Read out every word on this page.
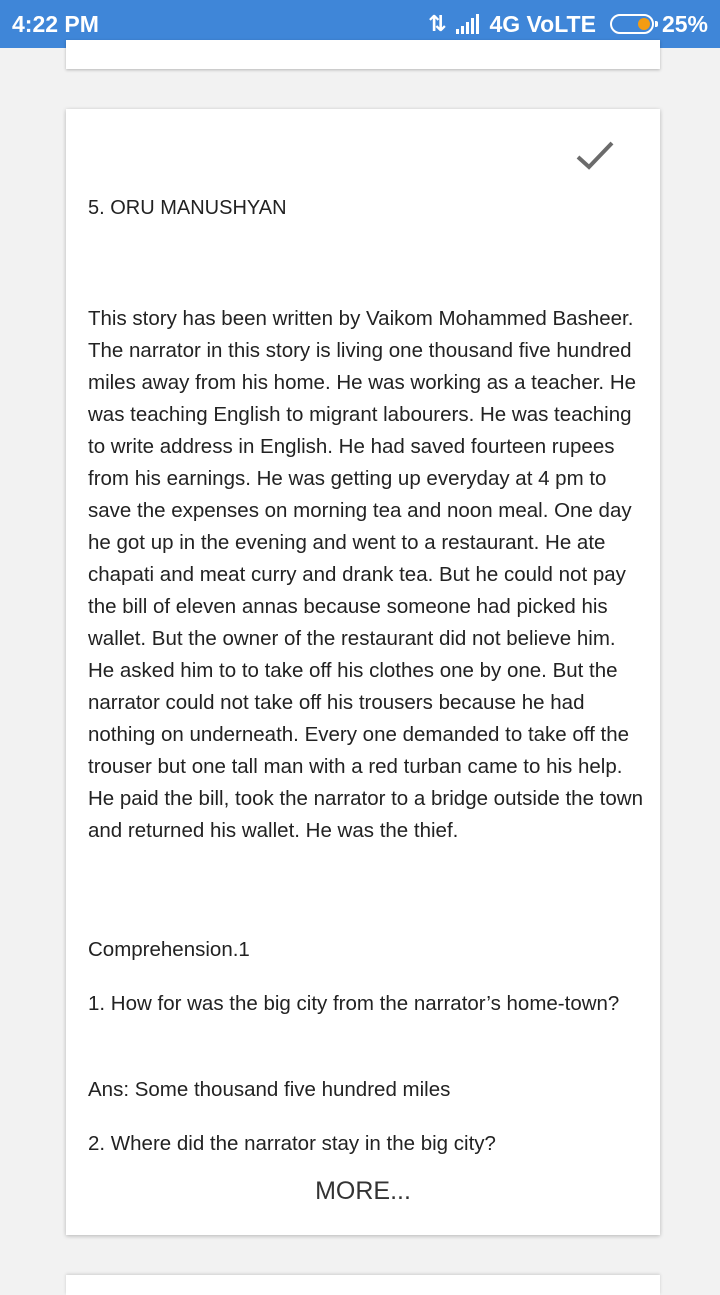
4:22 PM	⇅ 4G VoLTE	25%
5. ORU MANUSHYAN

This story has been written by Vaikom Mohammed Basheer. The narrator in this story is living one thousand five hundred miles away from his home. He was working as a teacher. He was teaching English to migrant labourers. He was teaching to write address in English. He had saved fourteen rupees from his earnings. He was getting up everyday at 4 pm to save the expenses on morning tea and noon meal. One day he got up in the evening and went to a restaurant. He ate chapati and meat curry and drank tea. But he could not pay the bill of eleven annas because someone had picked his wallet. But the owner of the restaurant did not believe him. He asked him to to take off his clothes one by one. But the narrator could not take off his trousers because he had nothing on underneath. Every one demanded to take off the trouser but one tall man with a red turban came to his help. He paid the bill, took the narrator to a bridge outside the town and returned his wallet. He was the thief.

Comprehension.1

1. How for was the big city from the narrator’s home-town?

Ans: Some thousand five hundred miles

2. Where did the narrator stay in the big city?

MORE...
